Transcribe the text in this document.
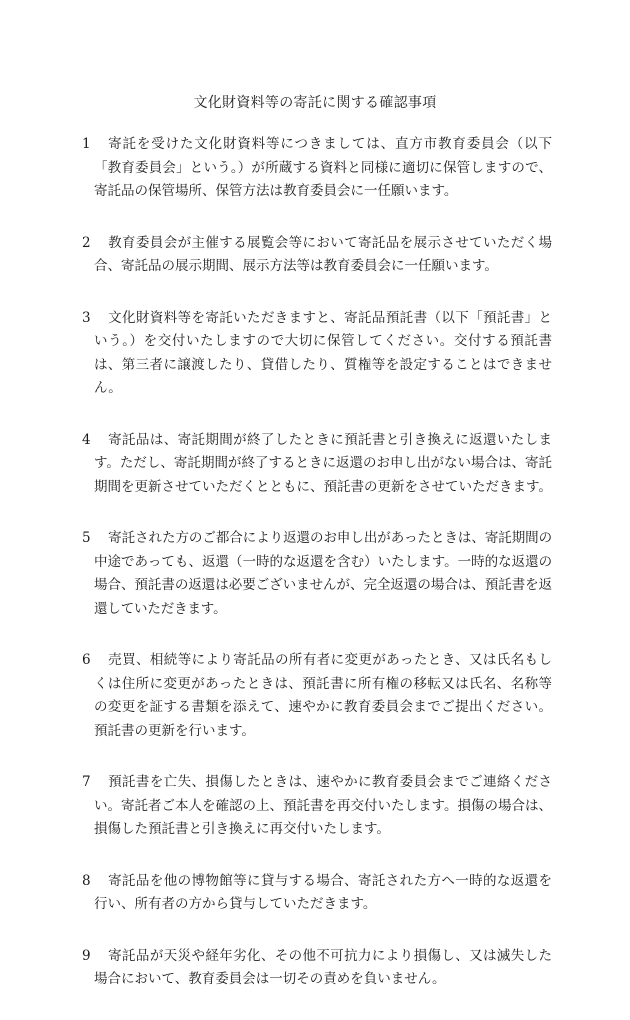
文化財資料等の寄託に関する確認事項
1	寄託を受けた文化財資料等につきましては、直方市教育委員会（以下「教育委員会」という。）が所蔵する資料と同様に適切に保管しますので、寄託品の保管場所、保管方法は教育委員会に一任願います。
2	教育委員会が主催する展覧会等において寄託品を展示させていただく場合、寄託品の展示期間、展示方法等は教育委員会に一任願います。
3	文化財資料等を寄託いただきますと、寄託品預託書（以下「預託書」という。）を交付いたしますので大切に保管してください。交付する預託書は、第三者に譲渡したり、貸借したり、質権等を設定することはできません。
4	寄託品は、寄託期間が終了したときに預託書と引き換えに返還いたします。ただし、寄託期間が終了するときに返還のお申し出がない場合は、寄託期間を更新させていただくとともに、預託書の更新をさせていただきます。
5	寄託された方のご都合により返還のお申し出があったときは、寄託期間の中途であっても、返還（一時的な返還を含む）いたします。一時的な返還の場合、預託書の返還は必要ございませんが、完全返還の場合は、預託書を返還していただきます。
6	売買、相続等により寄託品の所有者に変更があったとき、又は氏名もしくは住所に変更があったときは、預託書に所有権の移転又は氏名、名称等の変更を証する書類を添えて、速やかに教育委員会までご提出ください。預託書の更新を行います。
7	預託書を亡失、損傷したときは、速やかに教育委員会までご連絡ください。寄託者ご本人を確認の上、預託書を再交付いたします。損傷の場合は、損傷した預託書と引き換えに再交付いたします。
8	寄託品を他の博物館等に貸与する場合、寄託された方へ一時的な返還を行い、所有者の方から貸与していただきます。
9	寄託品が天災や経年劣化、その他不可抗力により損傷し、又は滅失した場合において、教育委員会は一切その責めを負いません。
